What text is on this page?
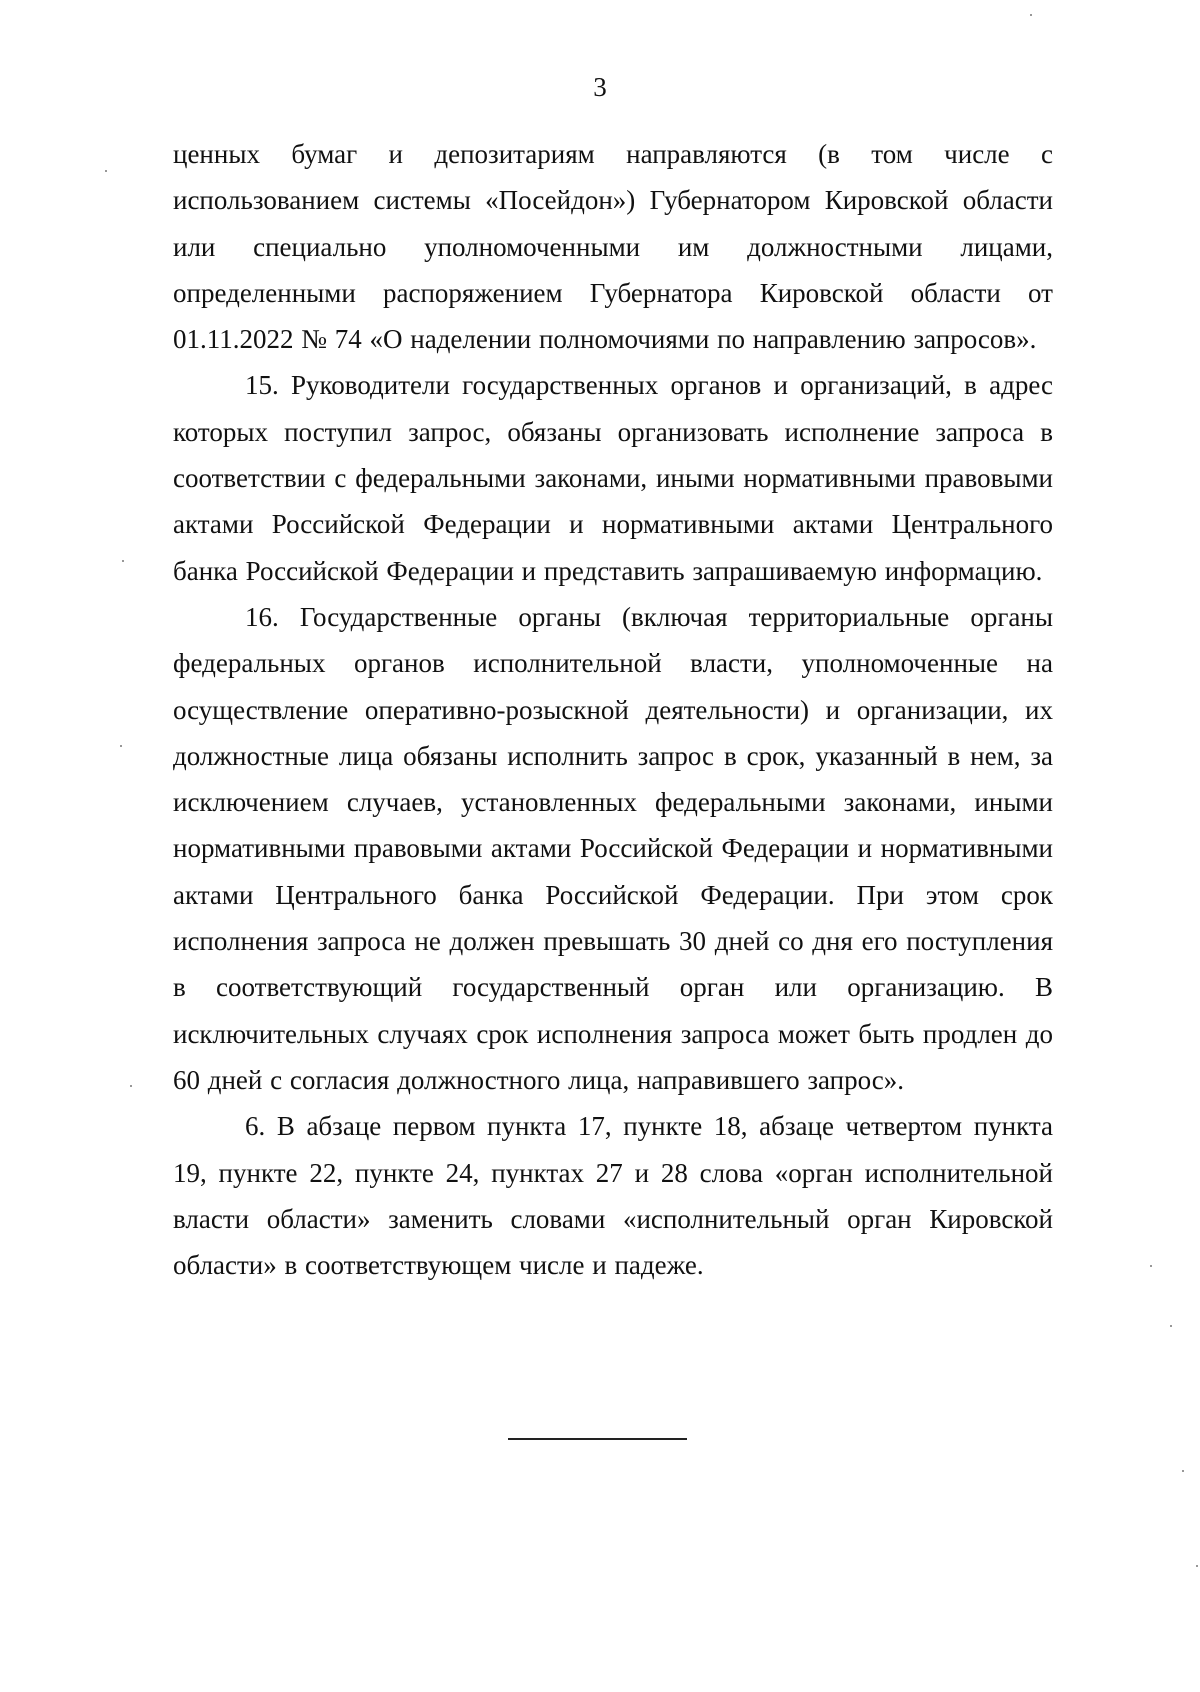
3

ценных бумаг и депозитариям направляются (в том числе с использованием системы «Посейдон») Губернатором Кировской области или специально уполномоченными им должностными лицами, определенными распоряжением Губернатора Кировской области от 01.11.2022 № 74 «О наделении полномочиями по направлению запросов».

15. Руководители государственных органов и организаций, в адрес которых поступил запрос, обязаны организовать исполнение запроса в соответствии с федеральными законами, иными нормативными правовыми актами Российской Федерации и нормативными актами Центрального банка Российской Федерации и представить запрашиваемую информацию.

16. Государственные органы (включая территориальные органы федеральных органов исполнительной власти, уполномоченные на осуществление оперативно-розыскной деятельности) и организации, их должностные лица обязаны исполнить запрос в срок, указанный в нем, за исключением случаев, установленных федеральными законами, иными нормативными правовыми актами Российской Федерации и нормативными актами Центрального банка Российской Федерации. При этом срок исполнения запроса не должен превышать 30 дней со дня его поступления в соответствующий государственный орган или организацию. В исключительных случаях срок исполнения запроса может быть продлен до 60 дней с согласия должностного лица, направившего запрос».

6. В абзаце первом пункта 17, пункте 18, абзаце четвертом пункта 19, пункте 22, пункте 24, пунктах 27 и 28 слова «орган исполнительной власти области» заменить словами «исполнительный орган Кировской области» в соответствующем числе и падеже.
